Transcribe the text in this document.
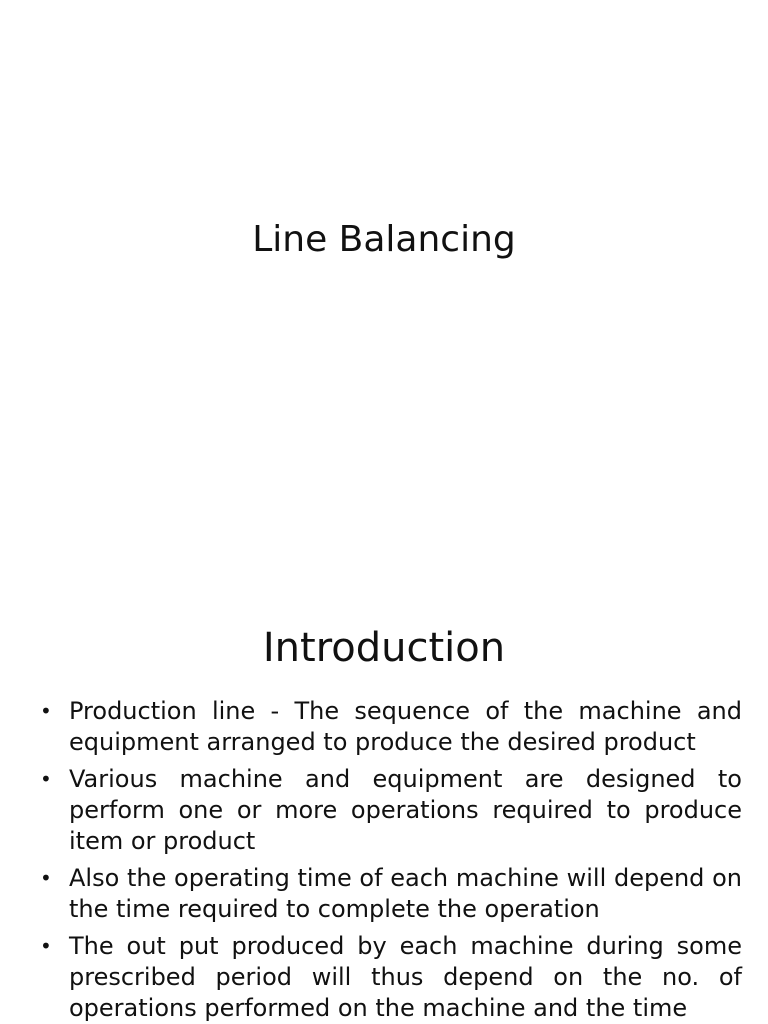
Line Balancing
Introduction
• Production line - The sequence of the machine and equipment arranged to produce the desired product
• Various machine and equipment are designed to perform one or more operations required to produce item or product
• Also the operating time of each machine will depend on the time required to complete the operation
• The out put produced by each machine during some prescribed period will thus depend on the no. of operations performed on the machine and the time
